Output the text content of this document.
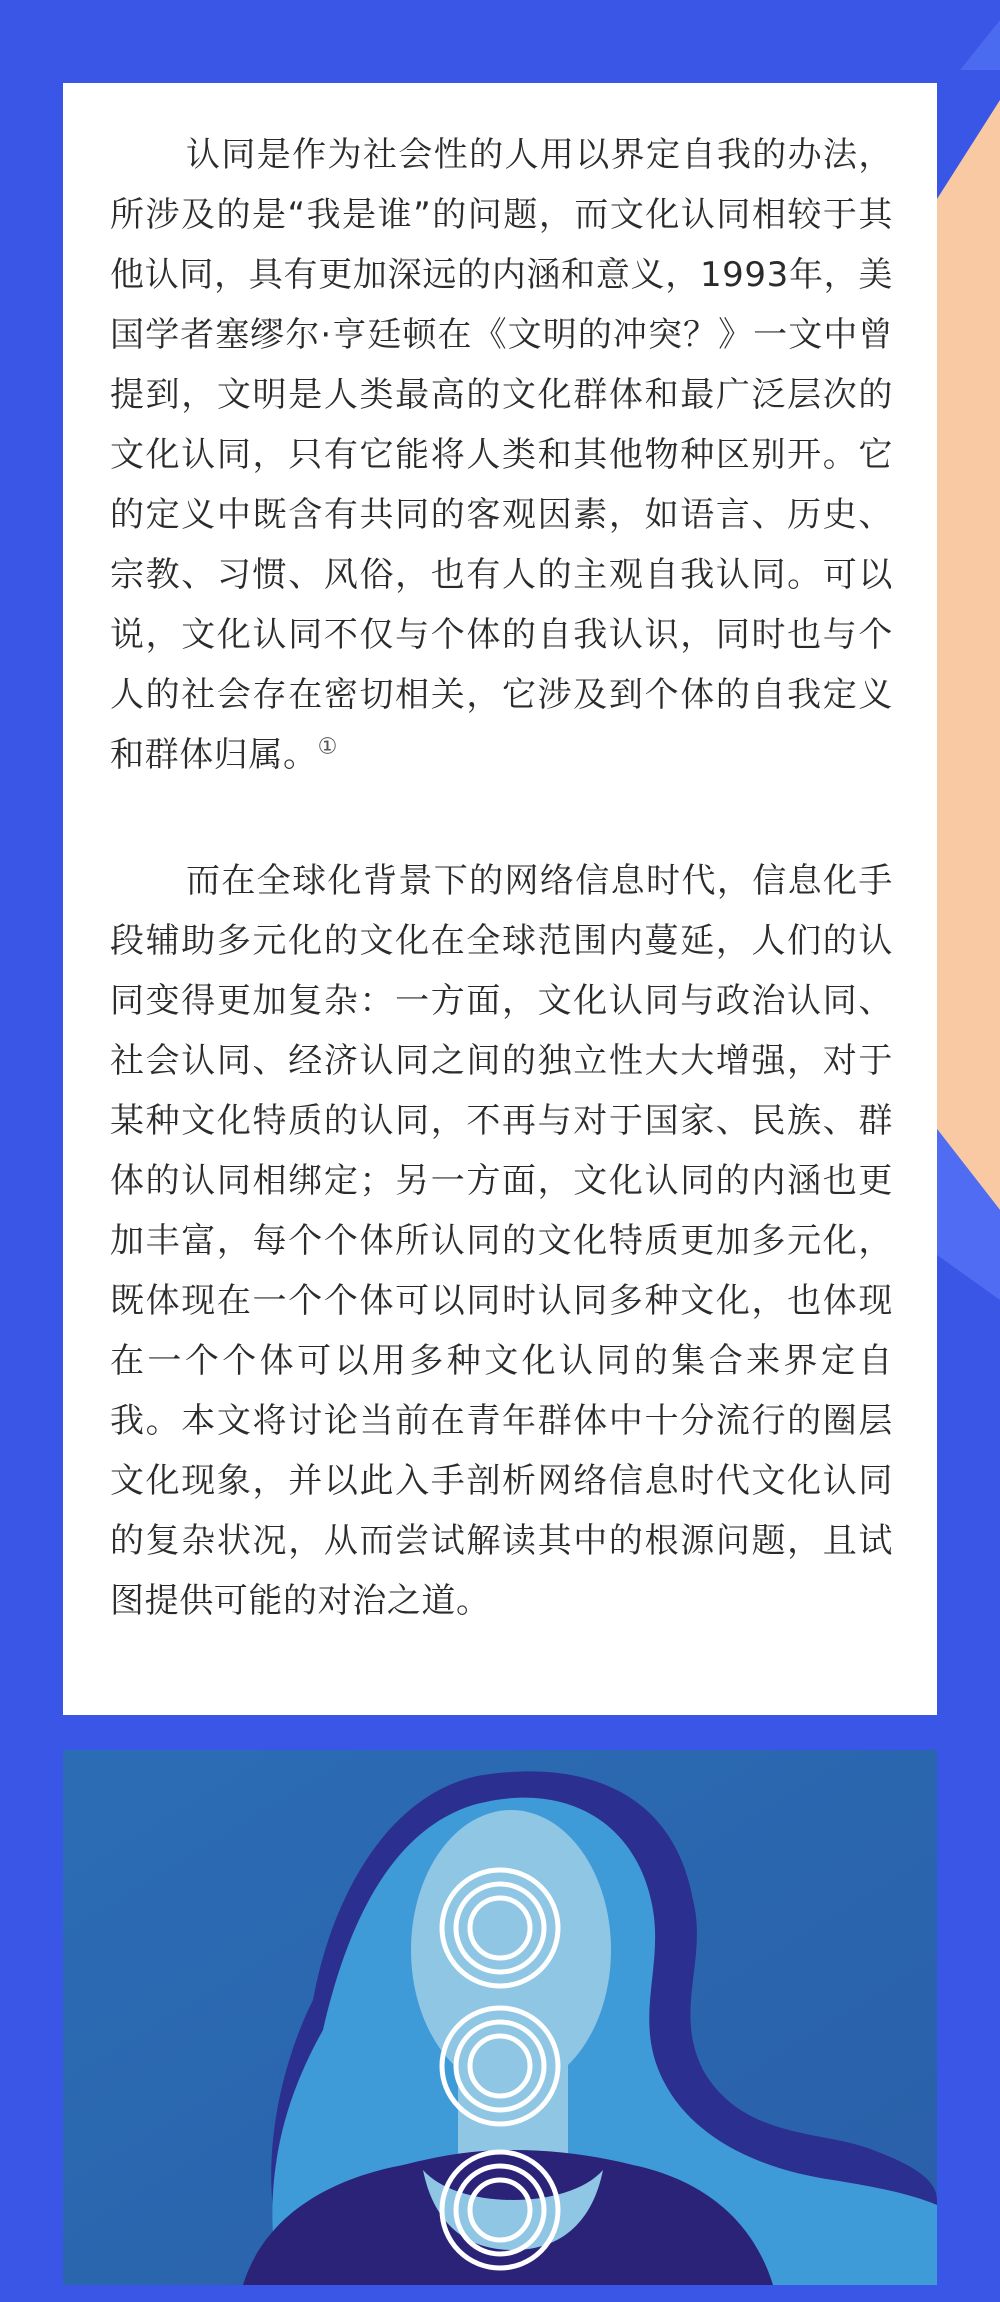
认同是作为社会性的人用以界定自我的办法，所涉及的是“我是谁”的问题，而文化认同相较于其他认同，具有更加深远的内涵和意义，1993年，美国学者塞缪尔·亨廷顿在《文明的冲突？》一文中曾提到，文明是人类最高的文化群体和最广泛层次的文化认同，只有它能将人类和其他物种区别开。它的定义中既含有共同的客观因素，如语言、历史、宗教、习惯、风俗，也有人的主观自我认同。可以说，文化认同不仅与个体的自我认识，同时也与个人的社会存在密切相关，它涉及到个体的自我定义和群体归属。①

而在全球化背景下的网络信息时代，信息化手段辅助多元化的文化在全球范围内蔓延，人们的认同变得更加复杂：一方面，文化认同与政治认同、社会认同、经济认同之间的独立性大大增强，对于某种文化特质的认同，不再与对于国家、民族、群体的认同相绑定；另一方面，文化认同的内涵也更加丰富，每个个体所认同的文化特质更加多元化，既体现在一个个体可以同时认同多种文化，也体现在一个个体可以用多种文化认同的集合来界定自我。本文将讨论当前在青年群体中十分流行的圈层文化现象，并以此入手剖析网络信息时代文化认同的复杂状况，从而尝试解读其中的根源问题，且试图提供可能的对治之道。
